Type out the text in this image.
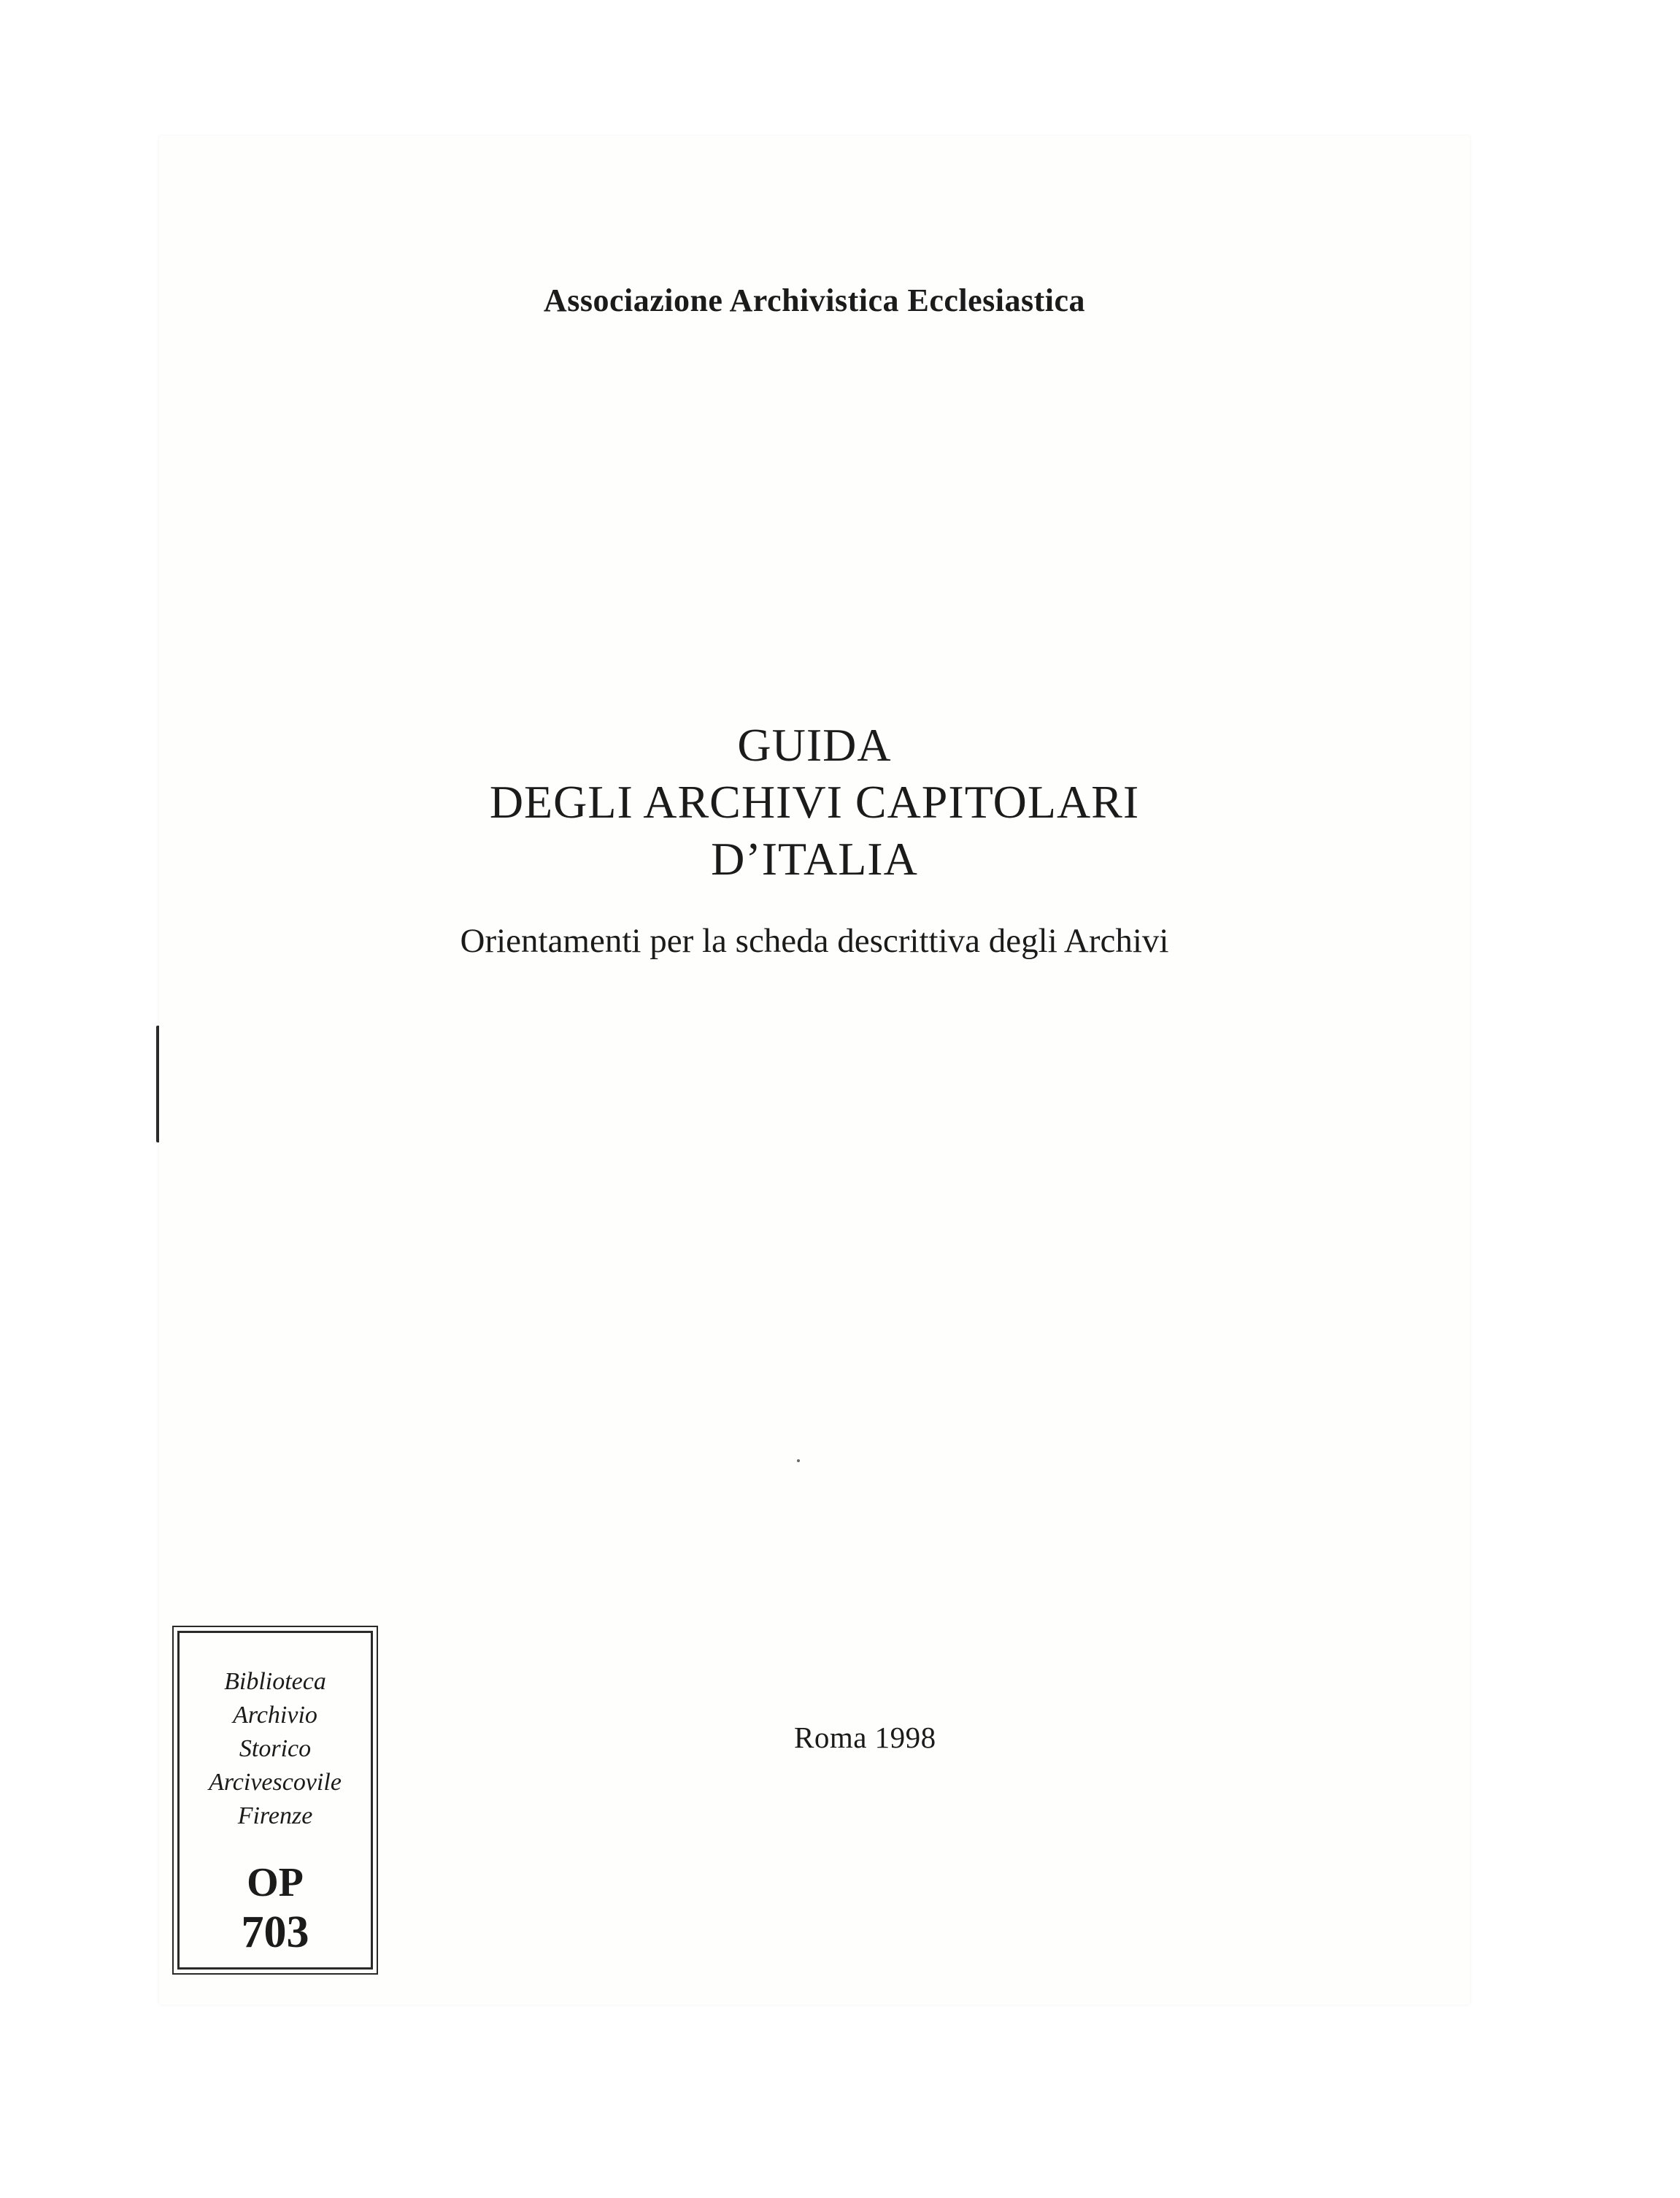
Associazione Archivistica Ecclesiastica
GUIDA
DEGLI ARCHIVI CAPITOLARI
D’ITALIA
Orientamenti per la scheda descrittiva degli Archivi
Roma 1998
Biblioteca
Archivio
Storico
Arcivescovile
Firenze
OP
703
